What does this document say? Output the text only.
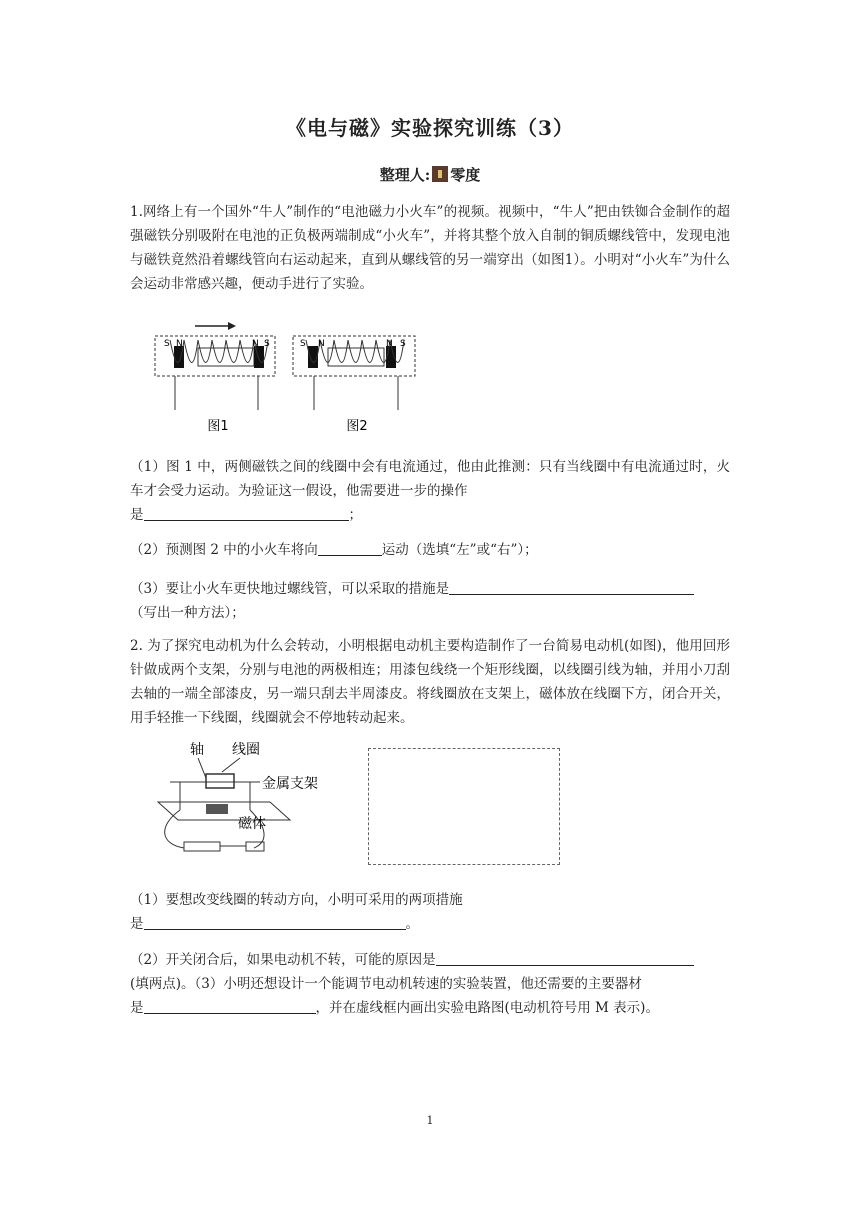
《电与磁》实验探究训练（3）
整理人: 零度
1.网络上有一个国外“牛人”制作的“电池磁力小火车”的视频。视频中，“牛人”把由铁铷合金制作的超强磁铁分别吸附在电池的正负极两端制成“小火车”，并将其整个放入自制的铜质螺线管中，发现电池与磁铁竟然沿着螺线管向右运动起来，直到从螺线管的另一端穿出（如图1）。小明对“小火车”为什么会运动非常感兴趣，便动手进行了实验。
S N	N S
图1
S N	N S
图2
（1）图 1 中，两侧磁铁之间的线圈中会有电流通过，他由此推测：只有当线圈中有电流通过时，火车才会受力运动。为验证这一假设，他需要进一步的操作
是	；
（2）预测图 2 中的小火车将向	运动（选填“左”或“右”）；
（3）要让小火车更快地过螺线管，可以采取的措施是
（写出一种方法）；
2. 为了探究电动机为什么会转动，小明根据电动机主要构造制作了一台简易电动机(如图)，他用回形针做成两个支架，分别与电池的两极相连；用漆包线绕一个矩形线圈，以线圈引线为轴，并用小刀刮去轴的一端全部漆皮，另一端只刮去半周漆皮。将线圈放在支架上，磁体放在线圈下方，闭合开关，用手轻推一下线圈，线圈就会不停地转动起来。
轴 线圈
金属支架
磁体
（1）要想改变线圈的转动方向，小明可采用的两项措施
是	。
（2）开关闭合后，如果电动机不转，可能的原因是
(填两点)。（3）小明还想设计一个能调节电动机转速的实验装置，他还需要的主要器材
是	，并在虚线框内画出实验电路图(电动机符号用 M 表示)。
1
